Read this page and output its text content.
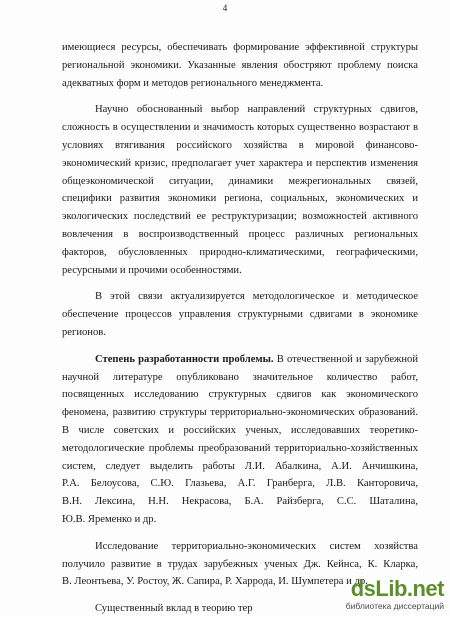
4
имеющиеся ресурсы, обеспечивать формирование эффективной структуры
региональной экономики. Указанные явления обостряют проблему поиска
адекватных форм и методов регионального менеджмента.
Научно обоснованный выбор направлений структурных сдвигов,
сложность в осуществлении и значимость которых существенно возрастают в
условиях втягивания российского хозяйства в мировой финансово-
экономический кризис, предполагает учет характера и перспектив изменения
общеэкономической ситуации, динамики межрегиональных связей,
специфики развития экономики региона, социальных, экономических и
экологических последствий ее реструктуризации; возможностей активного
вовлечения в воспроизводственный процесс различных региональных
факторов, обусловленных природно-климатическими, географическими,
ресурсными и прочими особенностями.
В этой связи актуализируется методологическое и методическое
обеспечение процессов управления структурными сдвигами в экономике
регионов.
Степень разработанности проблемы. В отечественной и зарубежной
научной литературе опубликовано значительное количество работ,
посвященных исследованию структурных сдвигов как экономического
феномена, развитию структуры территориально-экономических образований.
В числе советских и российских ученых, исследовавших теоретико-
методологические проблемы преобразований территориально-хозяйственных
систем, следует выделить работы Л.И. Абалкина, А.И. Анчишкина,
Р.А. Белоусова, С.Ю. Глазьева, А.Г. Гранберга, Л.В. Канторовича,
В.Н. Лексина, Н.Н. Некрасова, Б.А. Райзберга, С.С. Шаталина,
Ю.В. Яременко и др.
Исследование территориально-экономических систем хозяйства
получило развитие в трудах зарубежных ученых Дж. Кейнса, К. Кларка,
В. Леонтьева, У. Ростоу, Ж. Сапира, Р. Харрода, И. Шумпетера и др.
Существенный вклад в теорию тер
dsLib.net
библиотека диссертаций
